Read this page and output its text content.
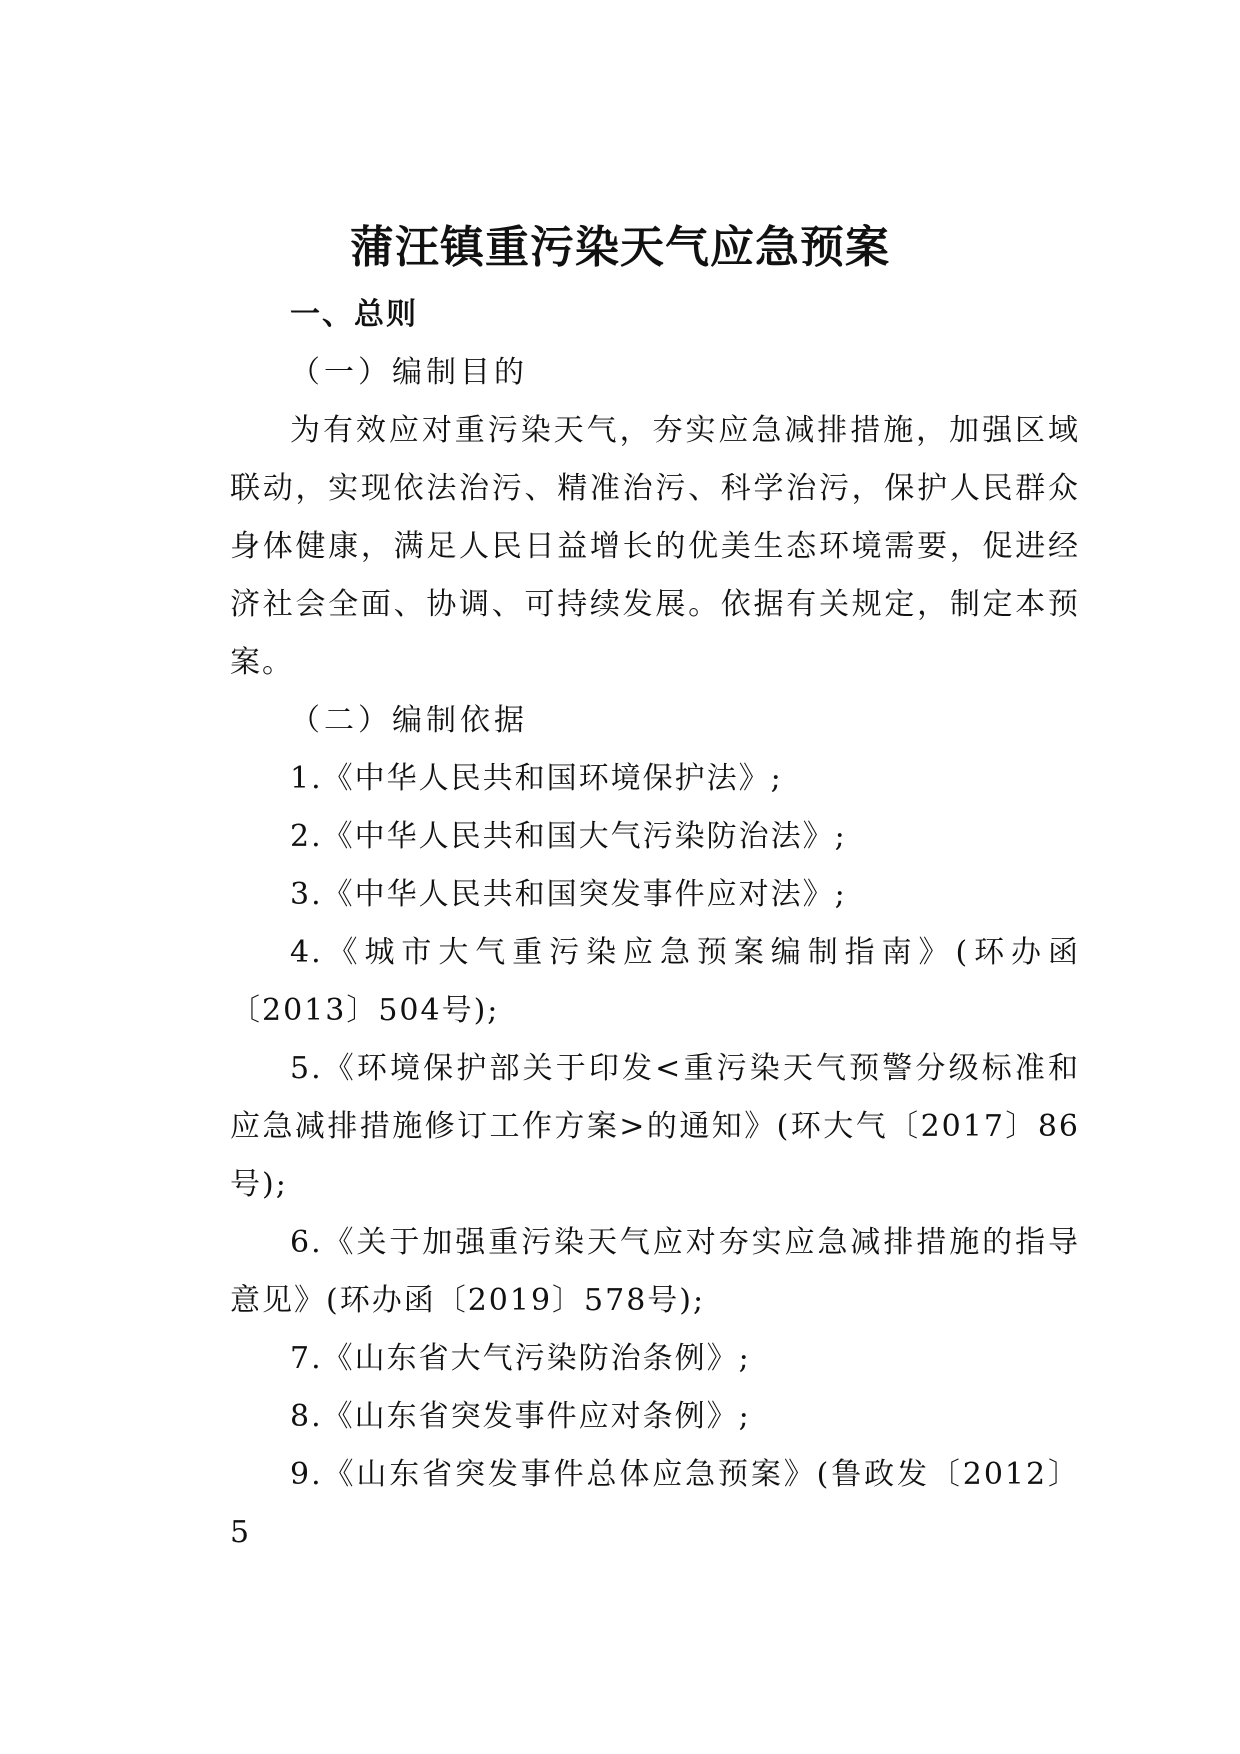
蒲汪镇重污染天气应急预案

一、总则

（一）编制目的

为有效应对重污染天气，夯实应急减排措施，加强区域联动，实现依法治污、精准治污、科学治污，保护人民群众身体健康，满足人民日益增长的优美生态环境需要，促进经济社会全面、协调、可持续发展。依据有关规定，制定本预案。

（二）编制依据

1.《中华人民共和国环境保护法》;

2.《中华人民共和国大气污染防治法》;

3.《中华人民共和国突发事件应对法》;

4.《城市大气重污染应急预案编制指南》(环办函〔2013〕504号);

5.《环境保护部关于印发<重污染天气预警分级标准和应急减排措施修订工作方案>的通知》(环大气〔2017〕86号);

6.《关于加强重污染天气应对夯实应急减排措施的指导意见》(环办函〔2019〕578号);

7.《山东省大气污染防治条例》;

8.《山东省突发事件应对条例》;

9.《山东省突发事件总体应急预案》(鲁政发〔2012〕5
